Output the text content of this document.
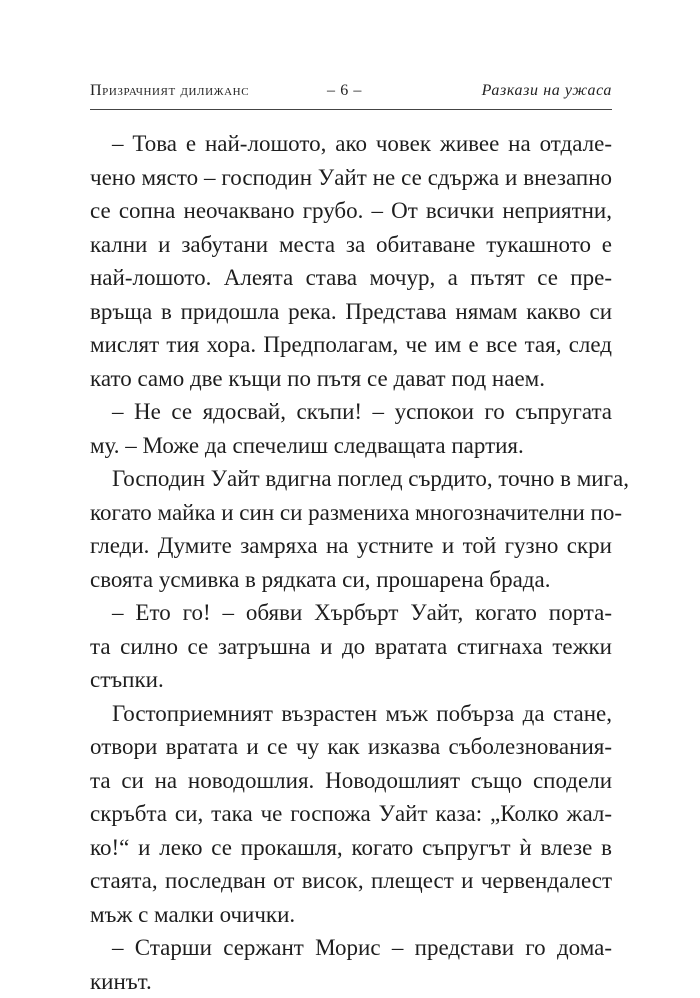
Призрачният дилижанс	– 6 –	Разкази на ужаса

– Това е най-лошото, ако човек живее на отдале-
чено място – господин Уайт не се сдържа и внезапно
се сопна неочаквано грубо. – От всички неприятни,
кални и забутани места за обитаване тукашното е
най-лошото. Алеята става мочур, а пътят се пре-
връща в придошла река. Представа нямам какво си
мислят тия хора. Предполагам, че им е все тая, след
като само две къщи по пътя се дават под наем.

– Не се ядосвай, скъпи! – успокои го съпругата
му. – Може да спечелиш следващата партия.

Господин Уайт вдигна поглед сърдито, точно в мига,
когато майка и син си размениха многозначителни по-
гледи. Думите замряха на устните и той гузно скри
своята усмивка в рядката си, прошарена брада.

– Ето го! – обяви Хърбърт Уайт, когато порта-
та силно се затръшна и до вратата стигнаха тежки
стъпки.

Гостоприемният възрастен мъж побърза да стане,
отвори вратата и се чу как изказва съболезнования-
та си на новодошлия. Новодошлият също сподели
скръбта си, така че госпожа Уайт каза: „Колко жал-
ко!“ и леко се прокашля, когато съпругът ѝ влезе в
стаята, последван от висок, плещест и червендалест
мъж с малки очички.

– Старши сержант Морис – представи го дома-
кинът.
